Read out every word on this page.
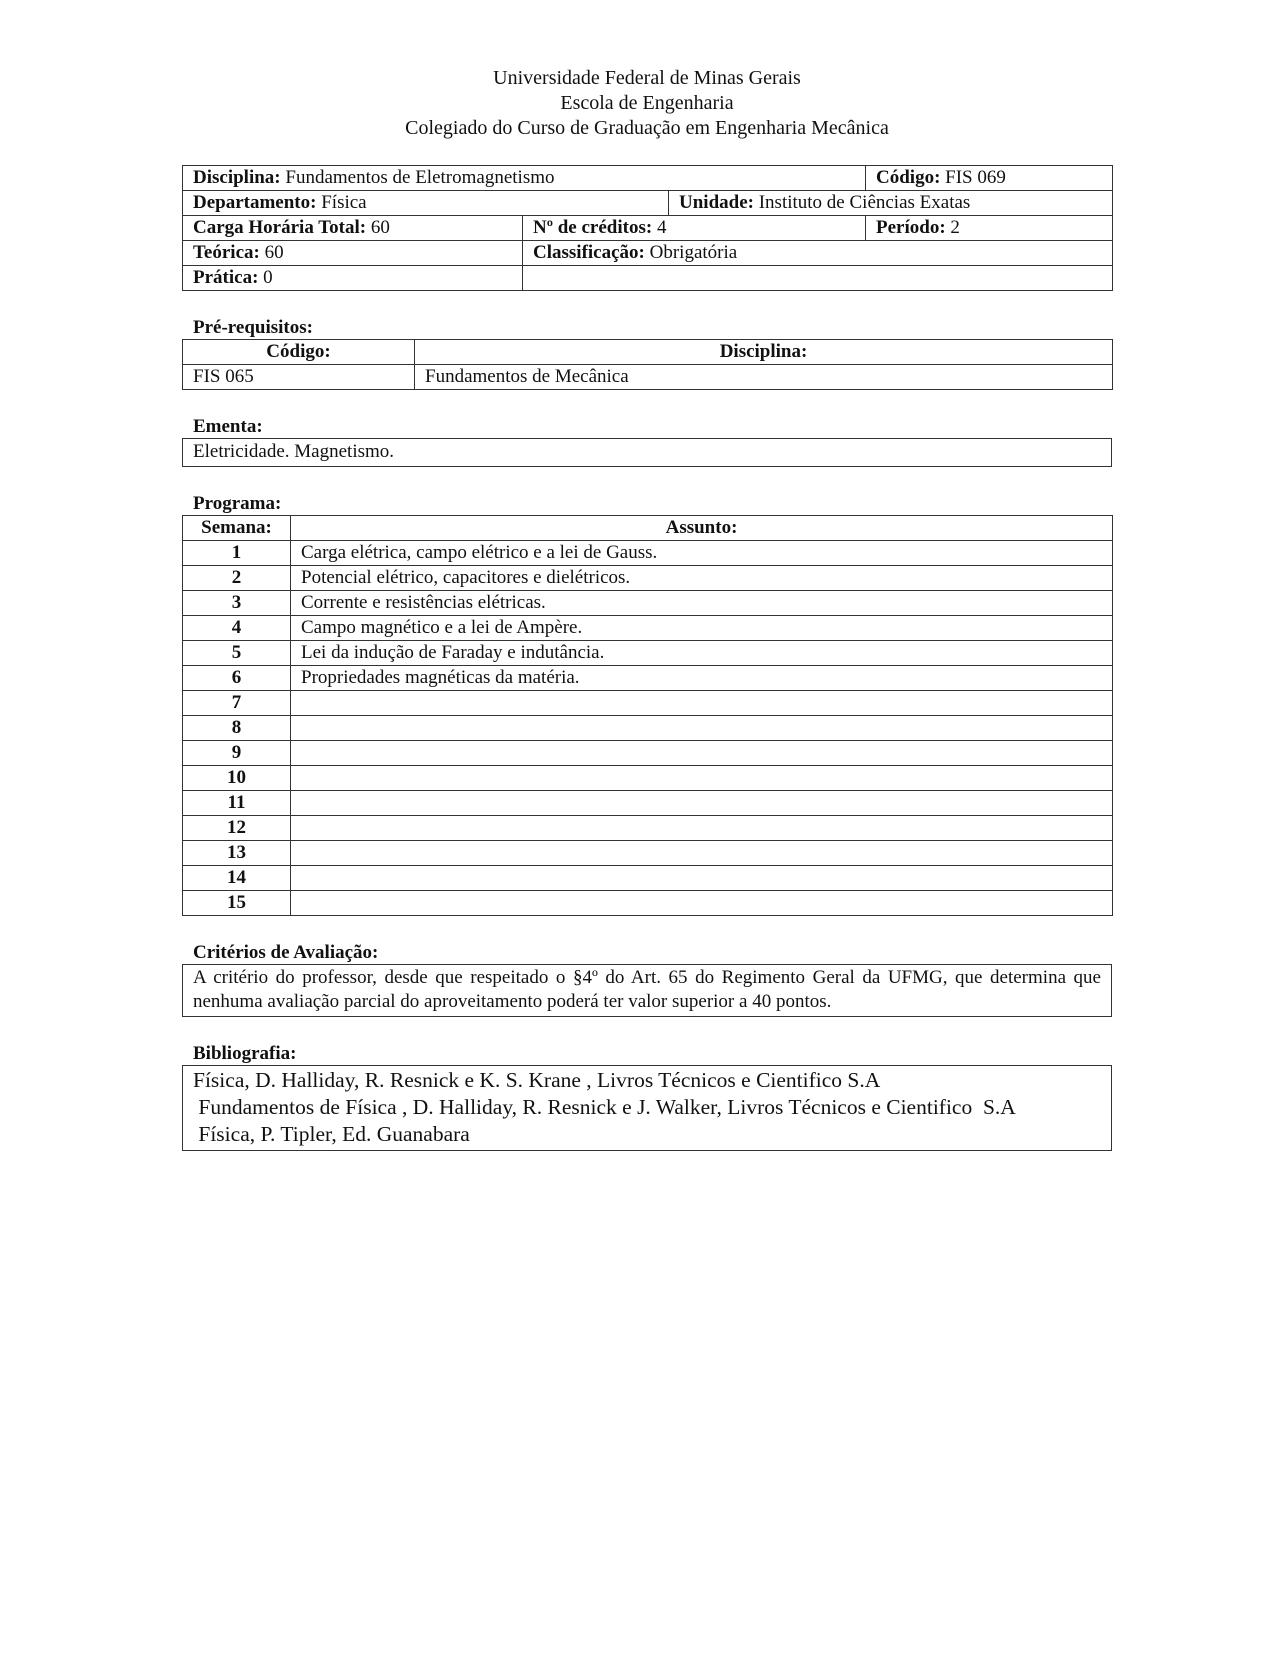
Universidade Federal de Minas Gerais
Escola de Engenharia
Colegiado do Curso de Graduação em Engenharia Mecânica
Disciplina: Fundamentos de Eletromagnetismo			Código: FIS 069
Departamento: Física		Unidade: Instituto de Ciências Exatas	
Carga Horária Total: 60	Nº de créditos: 4		Período: 2
Teórica: 60	Classificação: Obrigatória		
Prática: 0			
Pré-requisitos:
Código:	Disciplina:
FIS 065	Fundamentos de Mecânica
Ementa:
Eletricidade. Magnetismo.
Programa:
Semana:	Assunto:
1	Carga elétrica, campo elétrico e a lei de Gauss.
2	Potencial elétrico, capacitores e dielétricos.
3	Corrente e resistências elétricas.
4	Campo magnético e a lei de Ampère.
5	Lei da indução de Faraday e indutância.
6	Propriedades magnéticas da matéria.
7	
8	
9	
10	
11	
12	
13	
14	
15	
Critérios de Avaliação:
A critério do professor, desde que respeitado o §4º do Art. 65 do Regimento Geral da UFMG, que determina que nenhuma avaliação parcial do aproveitamento poderá ter valor superior a 40 pontos.
Bibliografia:
Física, D. Halliday, R. Resnick e K. S. Krane , Livros Técnicos e Cientifico S.A
Fundamentos de Física , D. Halliday, R. Resnick e J. Walker, Livros Técnicos e Cientifico  S.A
Física, P. Tipler, Ed. Guanabara
